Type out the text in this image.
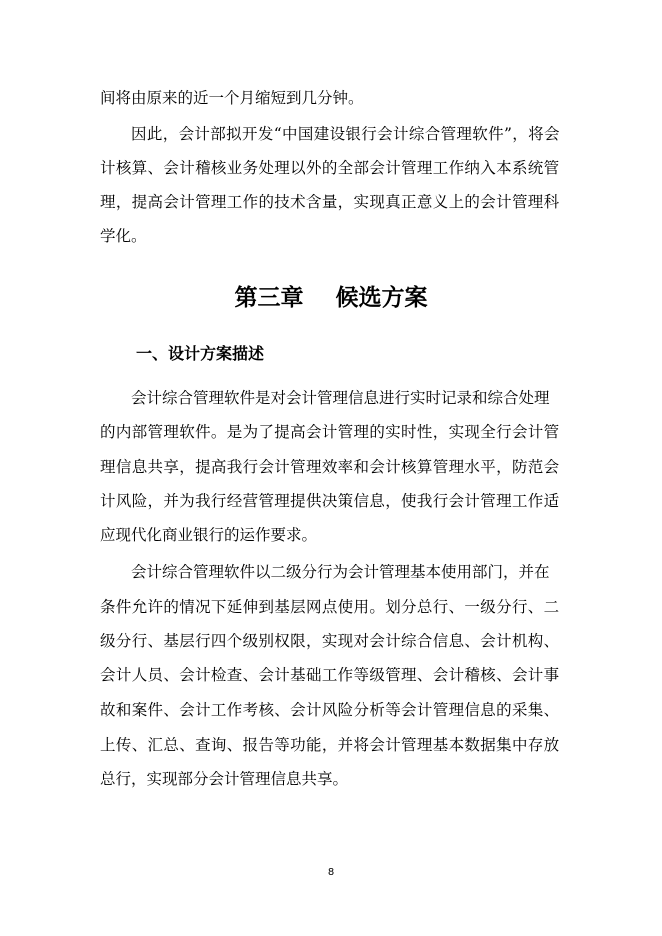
间将由原来的近一个月缩短到几分钟。
因此，会计部拟开发“中国建设银行会计综合管理软件”，将会
计核算、会计稽核业务处理以外的全部会计管理工作纳入本系统管
理，提高会计管理工作的技术含量，实现真正意义上的会计管理科
学化。
第三章    候选方案
一、设计方案描述
会计综合管理软件是对会计管理信息进行实时记录和综合处理
的内部管理软件。是为了提高会计管理的实时性，实现全行会计管
理信息共享，提高我行会计管理效率和会计核算管理水平，防范会
计风险，并为我行经营管理提供决策信息，使我行会计管理工作适
应现代化商业银行的运作要求。
会计综合管理软件以二级分行为会计管理基本使用部门，并在
条件允许的情况下延伸到基层网点使用。划分总行、一级分行、二
级分行、基层行四个级别权限，实现对会计综合信息、会计机构、
会计人员、会计检查、会计基础工作等级管理、会计稽核、会计事
故和案件、会计工作考核、会计风险分析等会计管理信息的采集、
上传、汇总、查询、报告等功能，并将会计管理基本数据集中存放
总行，实现部分会计管理信息共享。
8
